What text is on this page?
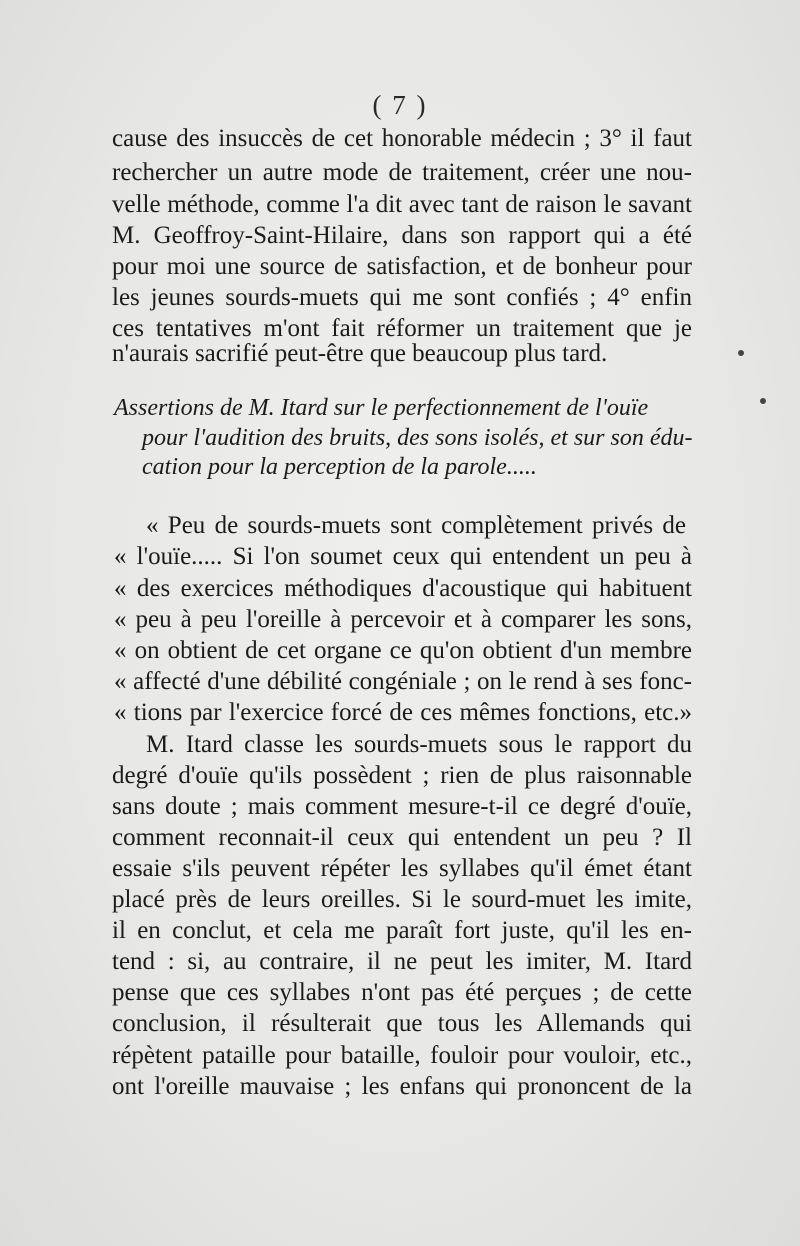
( 7 )
cause des insuccès de cet honorable médecin ; 3° il faut
rechercher un autre mode de traitement, créer une nou-
velle méthode, comme l'a dit avec tant de raison le savant
M. Geoffroy-Saint-Hilaire, dans son rapport qui a été
pour moi une source de satisfaction, et de bonheur pour
les jeunes sourds-muets qui me sont confiés ; 4° enfin
ces tentatives m'ont fait réformer un traitement que je
n'aurais sacrifié peut-être que beaucoup plus tard.
Assertions de M. Itard sur le perfectionnement de l'ouïe
pour l'audition des bruits, des sons isolés, et sur son édu-
cation pour la perception de la parole.....
« Peu de sourds-muets sont complètement privés de
« l'ouïe..... Si l'on soumet ceux qui entendent un peu à
« des exercices méthodiques d'acoustique qui habituent
« peu à peu l'oreille à percevoir et à comparer les sons,
« on obtient de cet organe ce qu'on obtient d'un membre
« affecté d'une débilité congéniale ; on le rend à ses fonc-
« tions par l'exercice forcé de ces mêmes fonctions, etc.»
M. Itard classe les sourds-muets sous le rapport du
degré d'ouïe qu'ils possèdent ; rien de plus raisonnable
sans doute ; mais comment mesure-t-il ce degré d'ouïe,
comment reconnait-il ceux qui entendent un peu ? Il
essaie s'ils peuvent répéter les syllabes qu'il émet étant
placé près de leurs oreilles. Si le sourd-muet les imite,
il en conclut, et cela me paraît fort juste, qu'il les en-
tend : si, au contraire, il ne peut les imiter, M. Itard
pense que ces syllabes n'ont pas été perçues ; de cette
conclusion, il résulterait que tous les Allemands qui
répètent pataille pour bataille, fouloir pour vouloir, etc.,
ont l'oreille mauvaise ; les enfans qui prononcent de la
